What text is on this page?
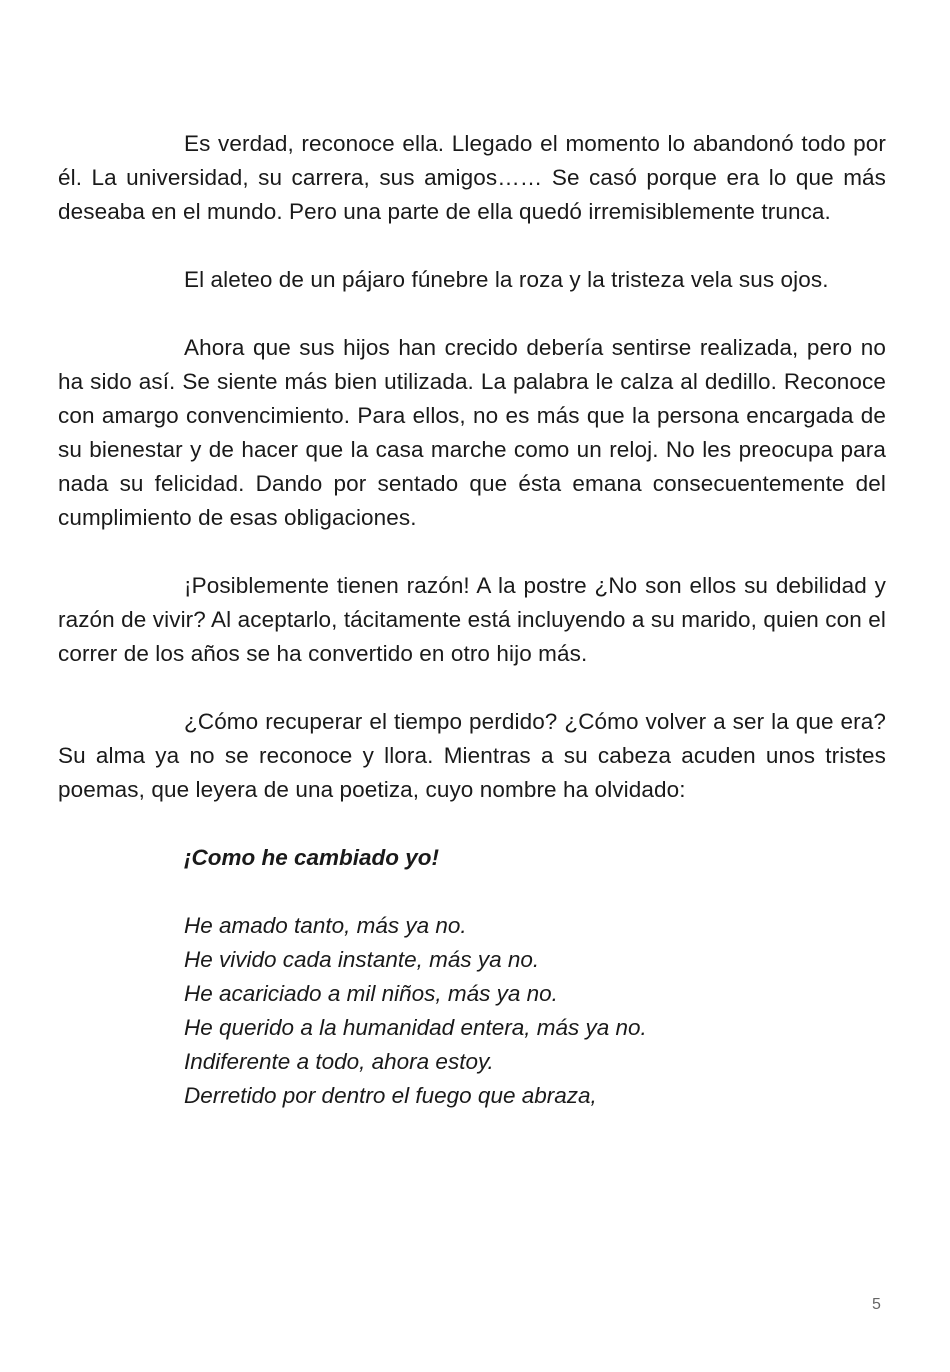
Es verdad, reconoce ella. Llegado el momento lo abandonó todo por él. La universidad, su carrera, sus amigos…… Se casó porque era lo que más deseaba en el mundo. Pero una parte de ella quedó irremisiblemente trunca.

El aleteo de un pájaro fúnebre la roza y la tristeza vela sus ojos.

Ahora que sus hijos han crecido debería sentirse realizada, pero no ha sido así. Se siente más bien utilizada. La palabra le calza al dedillo. Reconoce con amargo convencimiento. Para ellos, no es más que la persona encargada de su bienestar y de hacer que la casa marche como un reloj. No les preocupa para nada su felicidad. Dando por sentado que ésta emana consecuentemente del cumplimiento de esas obligaciones.

¡Posiblemente tienen razón! A la postre ¿No son ellos su debilidad y razón de vivir? Al aceptarlo, tácitamente está incluyendo a su marido, quien con el correr de los años se ha convertido en otro hijo más.

¿Cómo recuperar el tiempo perdido? ¿Cómo volver a ser la que era? Su alma ya no se reconoce y llora. Mientras a su cabeza acuden unos tristes poemas, que leyera de una poetiza, cuyo nombre ha olvidado:

¡Como he cambiado yo!
He amado tanto, más ya no.
He vivido cada instante, más ya no.
He acariciado a mil niños, más ya no.
He querido a la humanidad entera, más ya no.
Indiferente a todo, ahora estoy.
Derretido por dentro el fuego que abraza,
5
